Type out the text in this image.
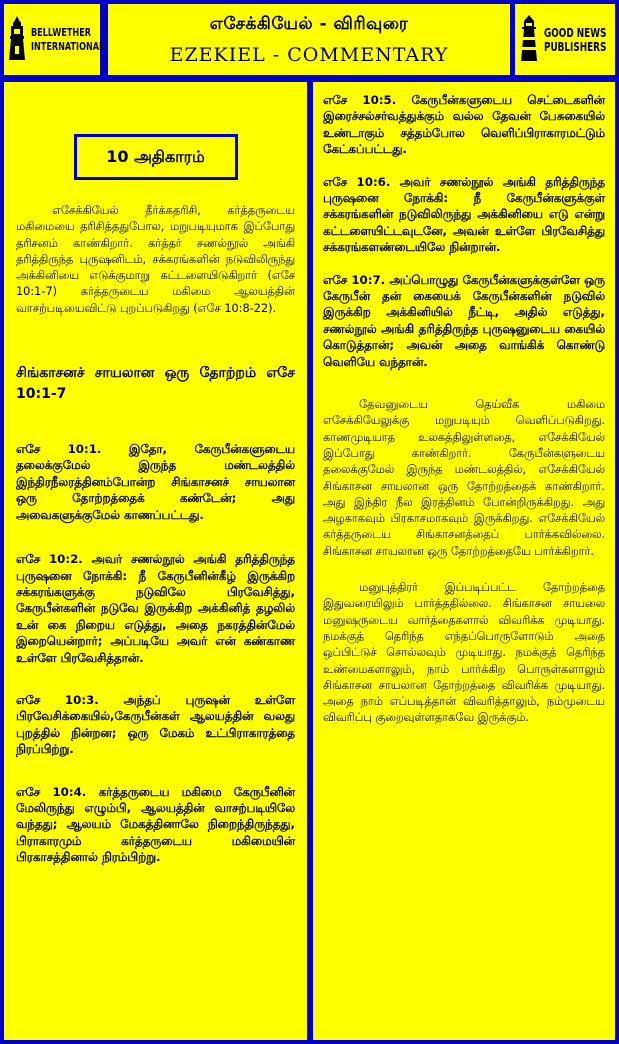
BELLWETHER
INTERNATIONAL
எசேக்கியேல் - விரிவுரை
EZEKIEL - COMMENTARY
GOOD NEWS
PUBLISHERS
10 அதிகாரம்

எசேக்கியேல் தீர்க்கதரிசி, கர்த்தருடைய மகிமையை தரிசித்ததுபோல, மறுபடியுமாக இப்போது தரிசனம் காண்கிறார். கர்த்தர் சணல்நூல் அங்கி தரித்திருந்த புருஷனிடம், சக்கரங்களின் நடுவிலிருந்து அக்கினியை எடுக்குமாறு கட்டளையிடுகிறார் (எசே 10:1-7) கர்த்தருடைய மகிமை ஆலயத்தின் வாசற்படியைவிட்டு புறப்படுகிறது (எசே 10:8-22).

சிங்காசனச் சாயலான ஒரு தோற்றம் எசே 10:1-7

எசே 10:1. இதோ, கேருபீன்களுடைய தலைக்குமேல் இருந்த மண்டலத்தில் இந்திரநீலரத்தினம்போன்ற சிங்காசனச் சாயலான ஒரு தோற்றத்தைக் கண்டேன்; அது அவைகளுக்குமேல் காணப்பட்டது.

எசே 10:2. அவர் சணல்நூல் அங்கி தரித்திருந்த புருஷனை நோக்கி: நீ கேருபீனின்கீழ் இருக்கிற சக்கரங்களுக்கு நடுவிலே பிரவேசித்து, கேருபீன்களின் நடுவே இருக்கிற அக்கினித் தழலில் உன் கை நிறைய எடுத்து, அதை நகரத்தின்மேல் இறையென்றார்; அப்படியே அவர் என் கண்காண உள்ளே பிரவேசித்தான்.

எசே 10:3. அந்தப் புருஷன் உள்ளே பிரவேசிக்கையில்,கேருபீன்கள் ஆலயத்தின் வலது புறத்தில் நின்றன; ஒரு மேகம் உட்பிராகாரத்தை நிரப்பிற்று.

எசே 10:4. கர்த்தருடைய மகிமை கேருபீனின் மேலிருந்து எழும்பி, ஆலயத்தின் வாசற்படியிலே வந்தது; ஆலயம் மேகத்தினாலே நிறைந்திருந்தது, பிராகாரமும் கர்த்தருடைய மகிமையின் பிரகாசத்தினால் நிரம்பிற்று.

எசே 10:5. கேருபீன்களுடைய செட்டைகளின் இரைச்சல்சர்வத்துக்கும் வல்ல தேவன் பேசுகையில் உண்டாகும் சத்தம்போல வெளிப்பிராகாரமட்டும் கேட்கப்பட்டது.

எசே 10:6. அவர் சணல்நூல் அங்கி தரித்திருந்த புருஷனை நோக்கி: நீ கேருபீன்களுக்குள் சக்கரங்களின் நடுவிலிருந்து அக்கினியை எடு என்று கட்டளையிட்டவுடனே, அவன் உள்ளே பிரவேசித்து சக்கரங்களண்டையிலே நின்றான்.

எசே 10:7. அப்பொழுது கேருபீன்களுக்குள்ளே ஒரு கேருபீன் தன் கையைக் கேருபீன்களின் நடுவில் இருக்கிற அக்கினியில் நீட்டி, அதில் எடுத்து, சணல்நூல் அங்கி தரித்திருந்த புருஷனுடைய கையில் கொடுத்தான்; அவன் அதை வாங்கிக் கொண்டு வெளியே வந்தான்.

தேவனுடைய தெய்வீக மகிமை எசேக்கியேலுக்கு மறுபடியும் வெளிப்படுகிறது. காணமுடியாத உலகத்திலுள்ளதை, எசேக்கியேல் இப்போது காண்கிறார். கேருபீன்களுடைய தலைக்குமேல் இருந்த மண்டலத்தில், எசேக்கியேல் சிங்காசன சாயலான ஒரு தோற்றத்தைக் காண்கிறார். அது இந்திர நீல இரத்தினம் போன்றிருக்கிறது. அது அழகாகவும் பிரகாசமாகவும் இருக்கிறது. எசேக்கியேல் கர்த்தருடைய சிங்காசனத்தைப் பார்க்கவில்லை. சிங்காசன சாயலான ஒரு தோற்றத்தையே பார்க்கிறார்.

மனுபுத்திரர் இப்படிப்பட்ட தோற்றத்தை இதுவரையிலும் பார்த்ததில்லை. சிங்காசன சாயலை மனுஷருடைய வார்த்தைகளால் விவரிக்க முடியாது. நமக்குத் தெரிந்த எந்தப்பொருளோடும் அதை ஒப்பிட்டுச் சொல்லவும் முடியாது. நமக்குத் தெரிந்த உண்மைகளாலும், நாம் பார்க்கிற பொருள்களாலும் சிங்காசன சாயலான தோற்றத்தை விவரிக்க முடியாது. அதை நாம் எப்படித்தான் விவரித்தாலும், நம்முடைய விவரிப்பு குறைவுள்ளதாகவே இருக்கும்.
